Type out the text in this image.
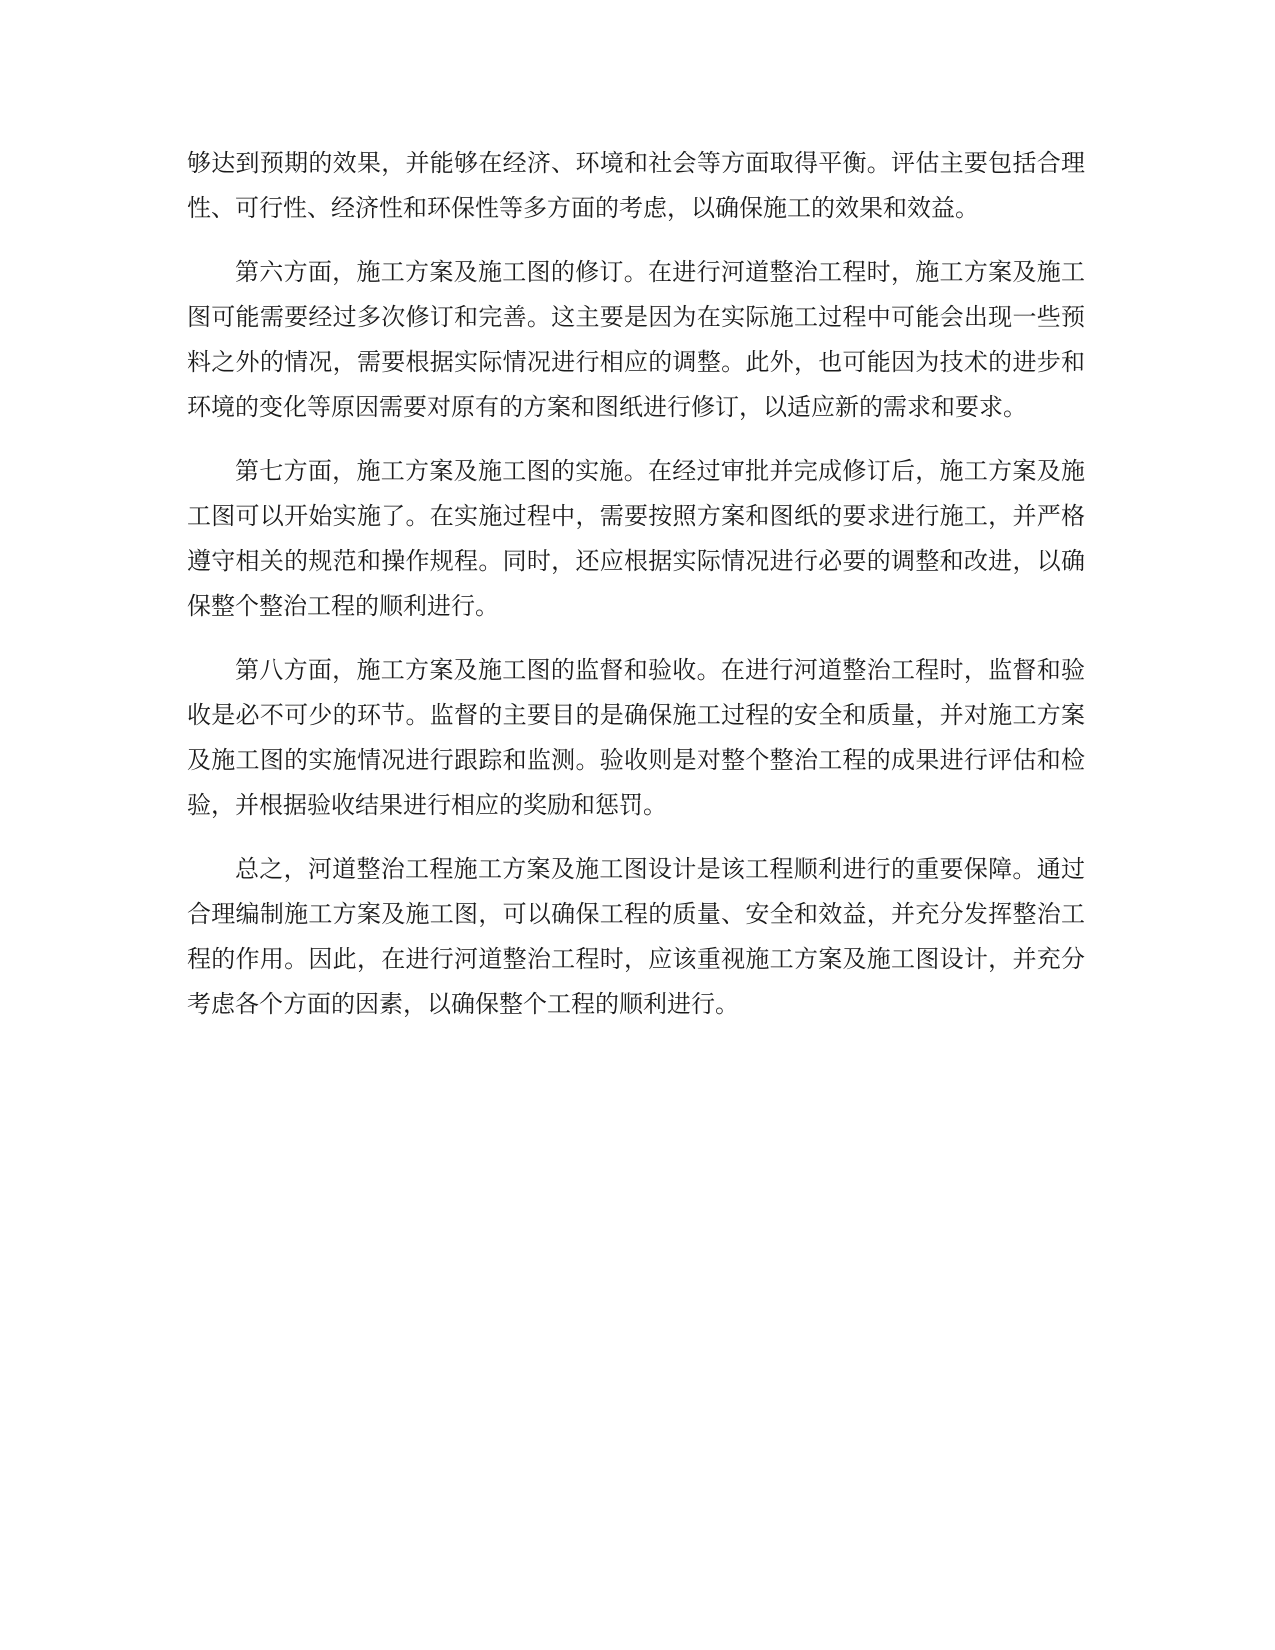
够达到预期的效果，并能够在经济、环境和社会等方面取得平衡。评估主要包括合理性、可行性、经济性和环保性等多方面的考虑，以确保施工的效果和效益。

第六方面，施工方案及施工图的修订。在进行河道整治工程时，施工方案及施工图可能需要经过多次修订和完善。这主要是因为在实际施工过程中可能会出现一些预料之外的情况，需要根据实际情况进行相应的调整。此外，也可能因为技术的进步和环境的变化等原因需要对原有的方案和图纸进行修订，以适应新的需求和要求。

第七方面，施工方案及施工图的实施。在经过审批并完成修订后，施工方案及施工图可以开始实施了。在实施过程中，需要按照方案和图纸的要求进行施工，并严格遵守相关的规范和操作规程。同时，还应根据实际情况进行必要的调整和改进，以确保整个整治工程的顺利进行。

第八方面，施工方案及施工图的监督和验收。在进行河道整治工程时，监督和验收是必不可少的环节。监督的主要目的是确保施工过程的安全和质量，并对施工方案及施工图的实施情况进行跟踪和监测。验收则是对整个整治工程的成果进行评估和检验，并根据验收结果进行相应的奖励和惩罚。

总之，河道整治工程施工方案及施工图设计是该工程顺利进行的重要保障。通过合理编制施工方案及施工图，可以确保工程的质量、安全和效益，并充分发挥整治工程的作用。因此，在进行河道整治工程时，应该重视施工方案及施工图设计，并充分考虑各个方面的因素，以确保整个工程的顺利进行。
